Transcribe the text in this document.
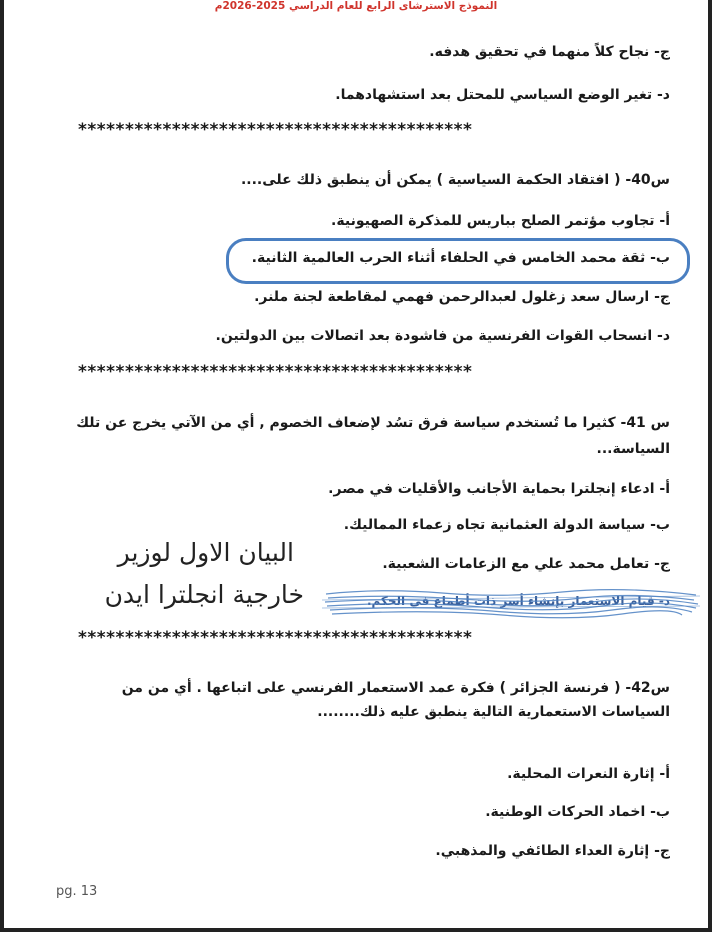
النموذج الاسترشاى الرابع للعام الدراسي 2025-2026م
ج- نجاح كلاً منهما في تحقيق هدفه.
د- تغير الوضع السياسي للمحتل بعد استشهادهما.
******************************************
س40- ( افتقاد الحكمة السياسية ) يمكن أن ينطبق ذلك على....
أ- تجاوب مؤتمر الصلح بباريس للمذكرة الصهيونية.
ب- ثقة محمد الخامس في الحلفاء أثناء الحرب العالمية الثانية.
ج- ارسال سعد زغلول لعبدالرحمن فهمي لمقاطعة لجنة ملنر.
د- انسحاب القوات الفرنسية من فاشودة بعد اتصالات بين الدولتين.
******************************************
س 41- كثيرا ما تُستخدم سياسة فرق تسُد لإضعاف الخصوم , أي من الآتي يخرج عن تلك السياسة...
أ- ادعاء إنجلترا بحماية الأجانب والأقليات في مصر.
ب- سياسة الدولة العثمانية تجاه زعماء المماليك.
ج- تعامل محمد علي مع الزعامات الشعبية.
د- قيام الاستعمار بإنشاء أسر ذات أطماع في الحكم.
البيان الاول لوزير
خارجية انجلترا ايدن
******************************************
س42- ( فرنسة الجزائر ) فكرة عمد الاستعمار الفرنسي على اتباعها . أي من من السياسات الاستعمارية التالية ينطبق عليه ذلك........
أ- إثارة النعرات المحلية.
ب- اخماد الحركات الوطنية.
ج- إثارة العداء الطائفي والمذهبي.
pg. 13
